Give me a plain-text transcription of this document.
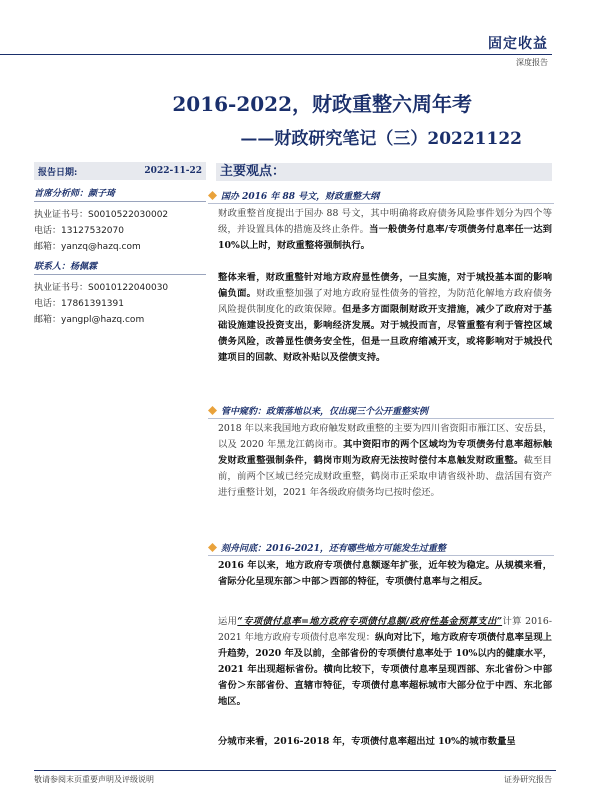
固定收益
深度报告
2016-2022，财政重整六周年考
——财政研究笔记（三）20221122
报告日期:	2022-11-22
首席分析师：颜子琦
执业证书号：S0010522030002
电话：13127532070
邮箱：yanzq@hazq.com
联系人：杨佩霖
执业证书号：S0010122040030
电话：17861391391
邮箱：yangpl@hazq.com
主要观点：
国办 2016 年 88 号文，财政重整大纲
财政重整首度提出于国办 88 号文，其中明确将政府债务风险事件划分为四个等级，并设置具体的措施及终止条件。当一般债务付息率/专项债务付息率任一达到 10%以上时，财政重整将强制执行。
整体来看，财政重整针对地方政府显性债务，一旦实施，对于城投基本面的影响偏负面。财政重整加强了对地方政府显性债务的管控，为防范化解地方政府债务风险提供制度化的政策保障。但是多方面限制财政开支措施，减少了政府对于基础设施建设投资支出，影响经济发展。对于城投而言，尽管重整有利于管控区域债务风险，改善显性债务安全性，但是一旦政府缩减开支，或将影响对于城投代建项目的回款、财政补贴以及偿债支持。
管中窥豹：政策落地以来，仅出现三个公开重整实例
2018 年以来我国地方政府触发财政重整的主要为四川省资阳市雁江区、安岳县，以及 2020 年黑龙江鹤岗市。其中资阳市的两个区域均为专项债务付息率超标触发财政重整强制条件，鹤岗市则为政府无法按时偿付本息触发财政重整。截至目前，前两个区域已经完成财政重整，鹤岗市正采取申请省级补助、盘活国有资产进行重整计划，2021 年各级政府债务均已按时偿还。
刻舟问底：2016-2021，还有哪些地方可能发生过重整
2016 年以来，地方政府专项债付息额逐年扩张，近年较为稳定。从规模来看，省际分化呈现东部＞中部＞西部的特征，专项债付息率与之相反。
运用“专项债付息率=地方政府专项债付息额/政府性基金预算支出”计算 2016-2021 年地方政府专项债付息率发现：纵向对比下，地方政府专项债付息率呈现上升趋势，2020 年及以前，全部省份的专项债付息率处于 10%以内的健康水平，2021 年出现超标省份。横向比较下，专项债付息率呈现西部、东北省份＞中部省份＞东部省份、直辖市特征，专项债付息率超标城市大部分位于中西、东北部地区。
分城市来看，2016-2018 年，专项债付息率超出过 10%的城市数量呈
敬请参阅末页重要声明及评级说明	证券研究报告
